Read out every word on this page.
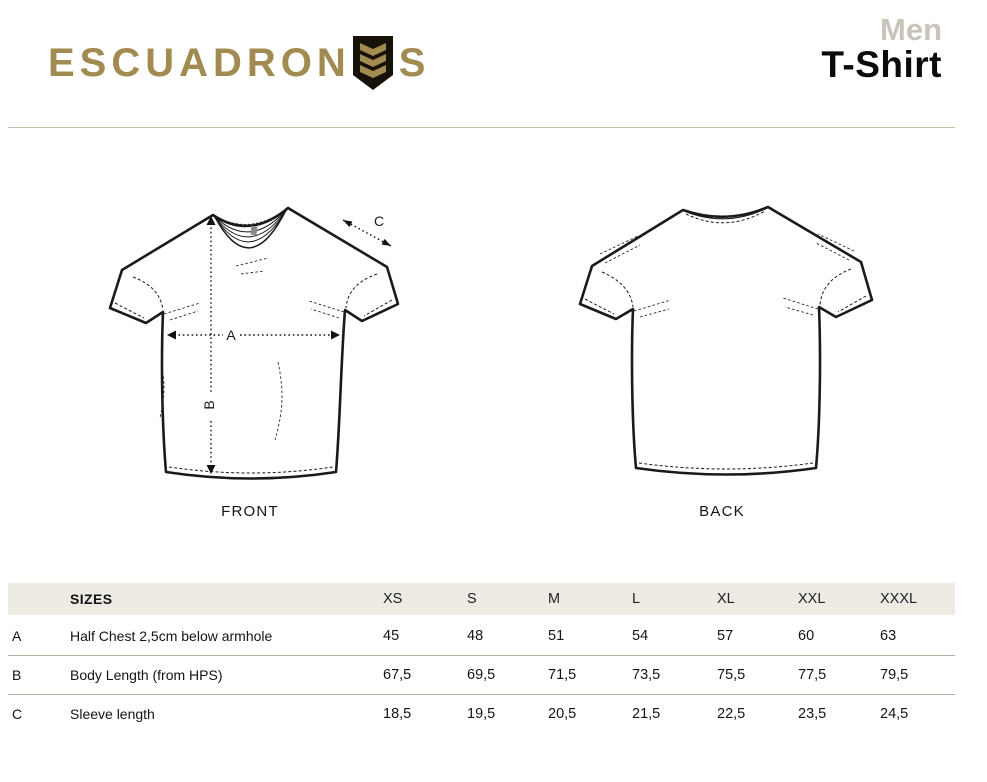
ESCUADRON S
Men
T-Shirt
B
A
C
FRONT	BACK
SIZES	XS	S	M	L	XL	XXL	XXXL
A	Half Chest 2,5cm below armhole	45	48	51	54	57	60	63
B	Body Length (from HPS)	67,5	69,5	71,5	73,5	75,5	77,5	79,5
C	Sleeve length	18,5	19,5	20,5	21,5	22,5	23,5	24,5
